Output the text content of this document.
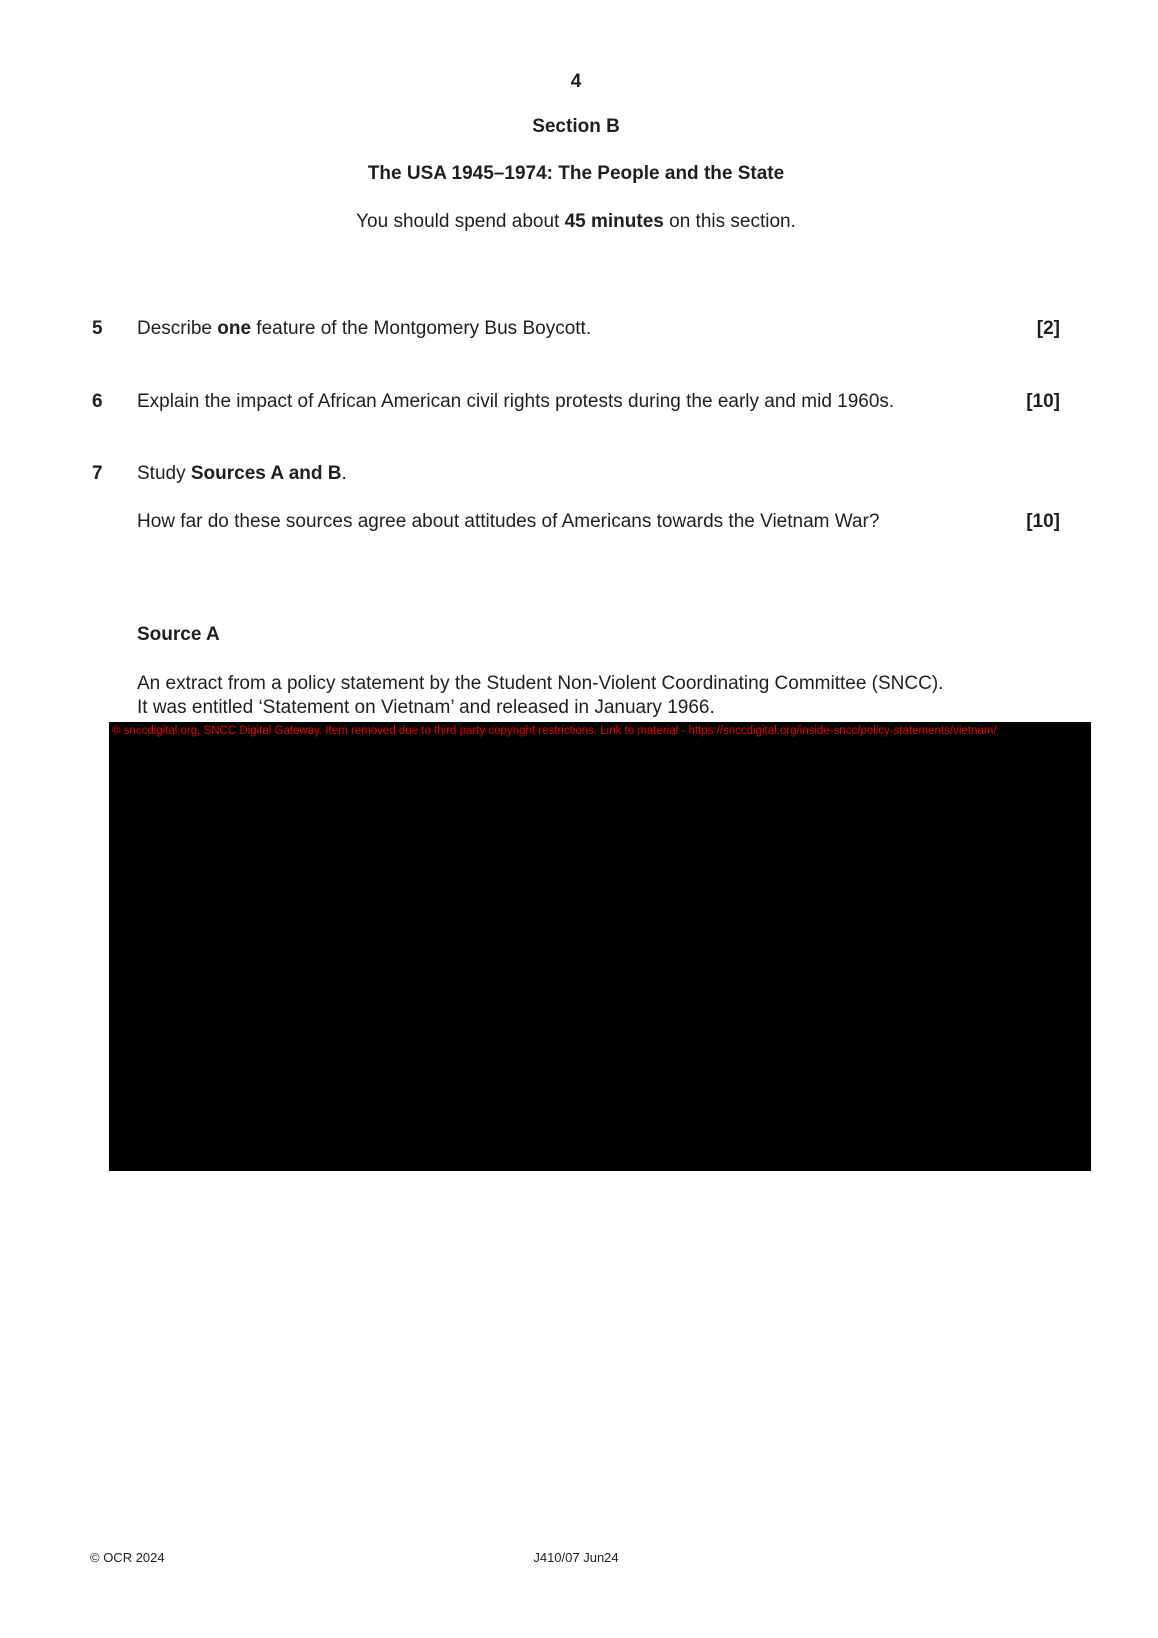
4
Section B
The USA 1945–1974: The People and the State
You should spend about 45 minutes on this section.
5	Describe one feature of the Montgomery Bus Boycott.	[2]
6	Explain the impact of African American civil rights protests during the early and mid 1960s.	[10]
7	Study Sources A and B.
How far do these sources agree about attitudes of Americans towards the Vietnam War?	[10]
Source A
An extract from a policy statement by the Student Non-Violent Coordinating Committee (SNCC).
It was entitled ‘Statement on Vietnam’ and released in January 1966.
© snccdigital.org, SNCC Digital Gateway. Item removed due to third party copyright restrictions. Link to material - https://snccdigital.org/inside-sncc/policy-statements/vietnam/
© OCR 2024	J410/07 Jun24
